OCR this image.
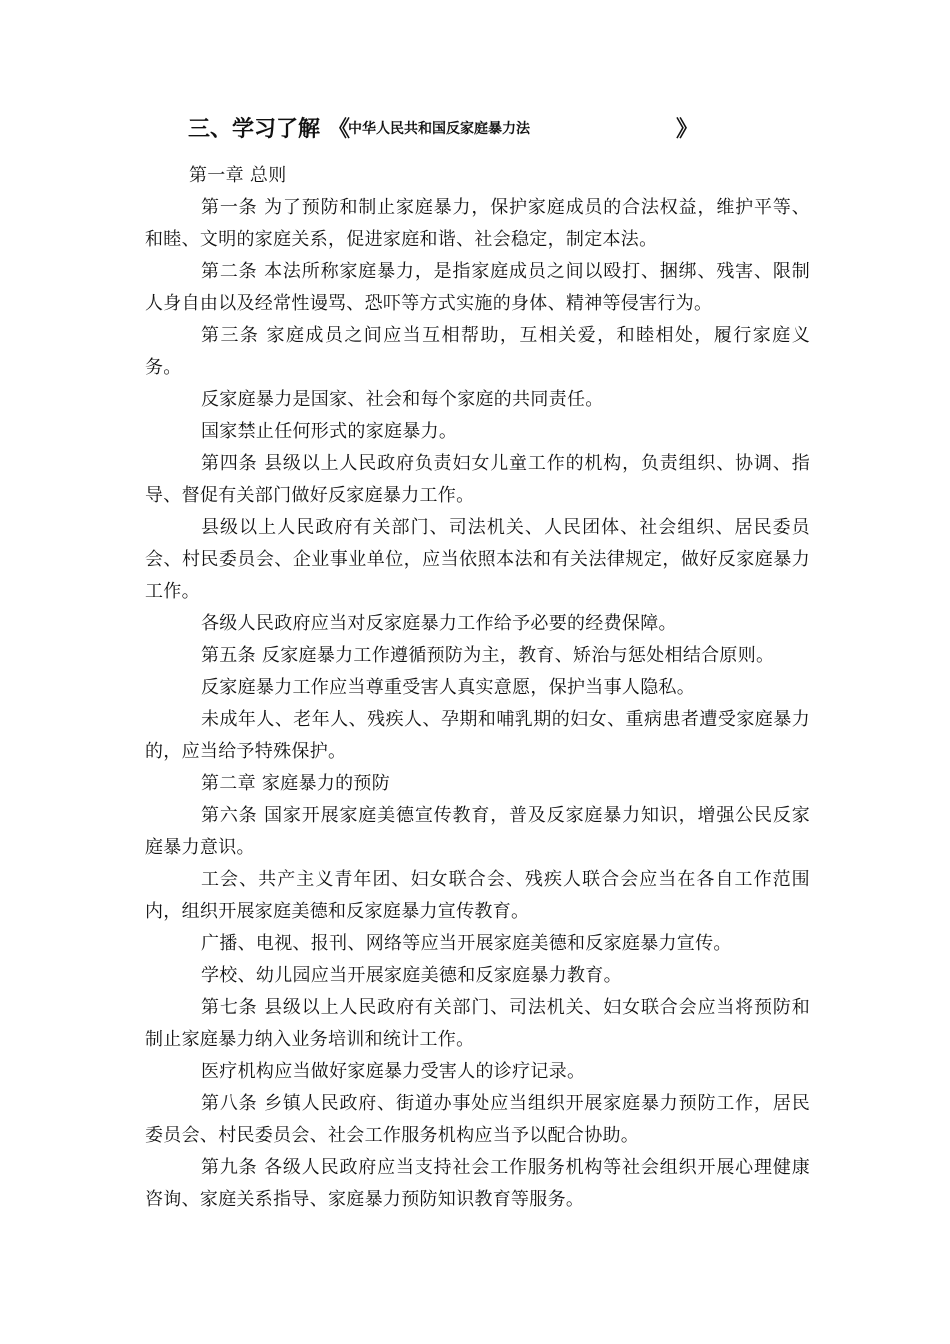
三、学习了解 《
中华人民共和国反家庭暴力法	》

第一章 总则

第一条 为了预防和制止家庭暴力，保护家庭成员的合法权益，维护平等、和睦、文明的家庭关系，促进家庭和谐、社会稳定，制定本法。

第二条 本法所称家庭暴力，是指家庭成员之间以殴打、捆绑、残害、限制人身自由以及经常性谩骂、恐吓等方式实施的身体、精神等侵害行为。

第三条 家庭成员之间应当互相帮助，互相关爱，和睦相处，履行家庭义务。

反家庭暴力是国家、社会和每个家庭的共同责任。

国家禁止任何形式的家庭暴力。

第四条 县级以上人民政府负责妇女儿童工作的机构，负责组织、协调、指导、督促有关部门做好反家庭暴力工作。

县级以上人民政府有关部门、司法机关、人民团体、社会组织、居民委员会、村民委员会、企业事业单位，应当依照本法和有关法律规定，做好反家庭暴力工作。

各级人民政府应当对反家庭暴力工作给予必要的经费保障。

第五条 反家庭暴力工作遵循预防为主，教育、矫治与惩处相结合原则。

反家庭暴力工作应当尊重受害人真实意愿，保护当事人隐私。

未成年人、老年人、残疾人、孕期和哺乳期的妇女、重病患者遭受家庭暴力的，应当给予特殊保护。

第二章 家庭暴力的预防

第六条 国家开展家庭美德宣传教育，普及反家庭暴力知识，增强公民反家庭暴力意识。

工会、共产主义青年团、妇女联合会、残疾人联合会应当在各自工作范围内，组织开展家庭美德和反家庭暴力宣传教育。

广播、电视、报刊、网络等应当开展家庭美德和反家庭暴力宣传。

学校、幼儿园应当开展家庭美德和反家庭暴力教育。

第七条 县级以上人民政府有关部门、司法机关、妇女联合会应当将预防和制止家庭暴力纳入业务培训和统计工作。

医疗机构应当做好家庭暴力受害人的诊疗记录。

第八条 乡镇人民政府、街道办事处应当组织开展家庭暴力预防工作，居民委员会、村民委员会、社会工作服务机构应当予以配合协助。

第九条 各级人民政府应当支持社会工作服务机构等社会组织开展心理健康咨询、家庭关系指导、家庭暴力预防知识教育等服务。
